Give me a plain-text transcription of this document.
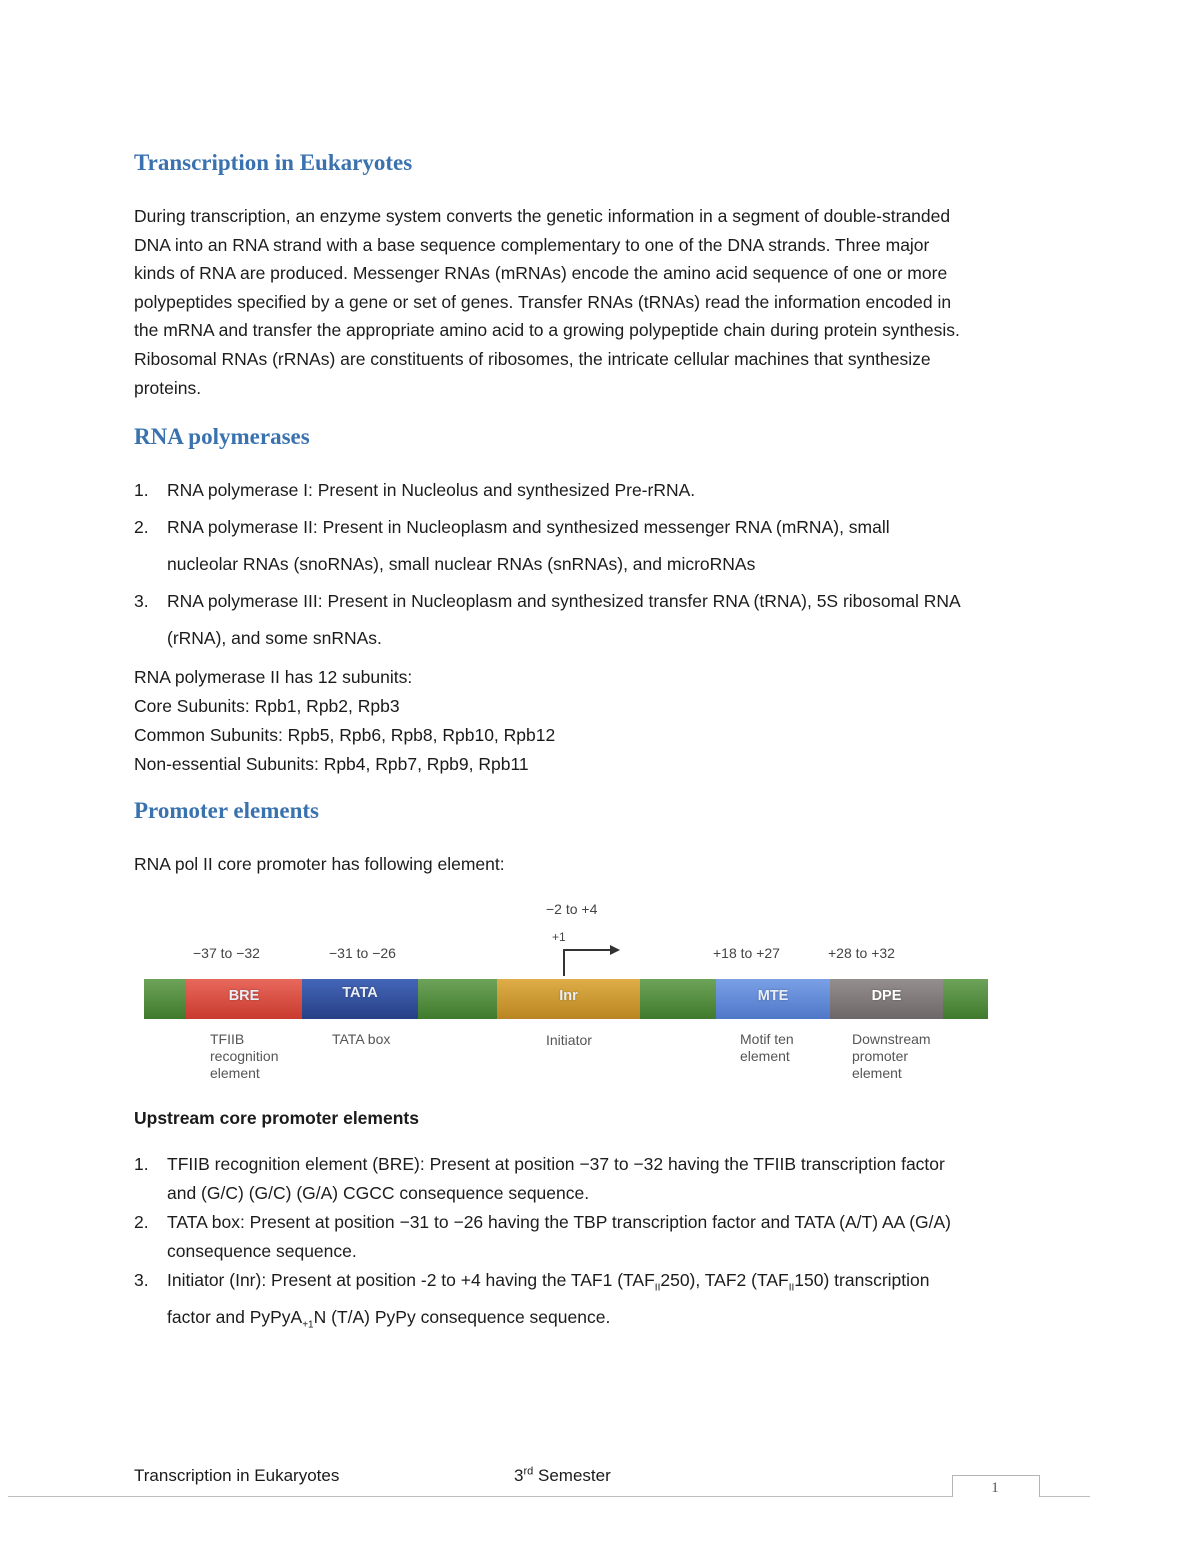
Transcription in Eukaryotes

During transcription, an enzyme system converts the genetic information in a segment of double-stranded DNA into an RNA strand with a base sequence complementary to one of the DNA strands. Three major kinds of RNA are produced. Messenger RNAs (mRNAs) encode the amino acid sequence of one or more polypeptides specified by a gene or set of genes. Transfer RNAs (tRNAs) read the information encoded in the mRNA and transfer the appropriate amino acid to a growing polypeptide chain during protein synthesis. Ribosomal RNAs (rRNAs) are constituents of ribosomes, the intricate cellular machines that synthesize proteins.

RNA polymerases
1. RNA polymerase I: Present in Nucleolus and synthesized Pre-rRNA.
2. RNA polymerase II: Present in Nucleoplasm and synthesized messenger RNA (mRNA), small nucleolar RNAs (snoRNAs), small nuclear RNAs (snRNAs), and microRNAs
3. RNA polymerase III: Present in Nucleoplasm and synthesized transfer RNA (tRNA), 5S ribosomal RNA (rRNA), and some snRNAs.
RNA polymerase II has 12 subunits:
Core Subunits: Rpb1, Rpb2, Rpb3
Common Subunits: Rpb5, Rpb6, Rpb8, Rpb10, Rpb12
Non-essential Subunits: Rpb4, Rpb7, Rpb9, Rpb11
Promoter elements

RNA pol II core promoter has following element:

−2 to +4
+1
−37 to −32	−31 to −26	+18 to +27	+28 to +32
BRE	TATA	Inr	MTE	DPE
TFIIB
recognition
element
TATA box	Initiator	Motif ten
element
Downstream
promoter
element

Upstream core promoter elements

1. TFIIB recognition element (BRE): Present at position −37 to −32 having the TFIIB transcription factor and (G/C) (G/C) (G/A) CGCC consequence sequence.
2. TATA box: Present at position −31 to −26 having the TBP transcription factor and TATA (A/T) AA (G/A) consequence sequence.
3. Initiator (Inr): Present at position -2 to +4 having the TAF1 $(TAF_{II}250)$, TAF2 $(TAF_{II}150)$ transcription factor and PyPyA$_{+1}$N (T/A) PyPy consequence sequence.
Transcription in Eukaryotes	3rd Semester
1
